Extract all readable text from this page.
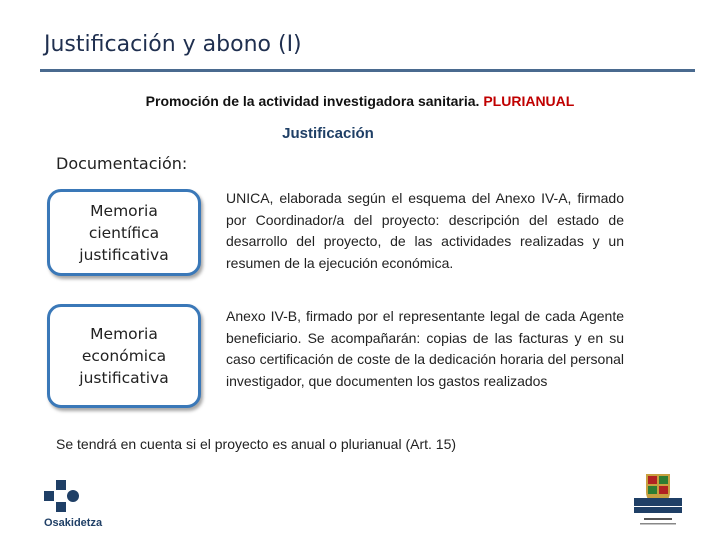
Justificación y abono (I)
Promoción de la actividad investigadora sanitaria. PLURIANUAL
Justificación
Documentación:
Memoria
científica
justificativa
UNICA, elaborada según el esquema del Anexo IV-A, firmado por Coordinador/a del proyecto: descripción del estado de desarrollo del proyecto, de las actividades realizadas y un resumen de la ejecución económica.
Memoria
económica
justificativa
Anexo IV-B, firmado por el representante legal de cada Agente beneficiario. Se acompañarán: copias de las facturas y en su caso certificación de coste de la dedicación horaria del personal investigador, que documenten los gastos realizados
Se tendrá en cuenta si el proyecto es anual o plurianual (Art. 15)
Osakidetza
